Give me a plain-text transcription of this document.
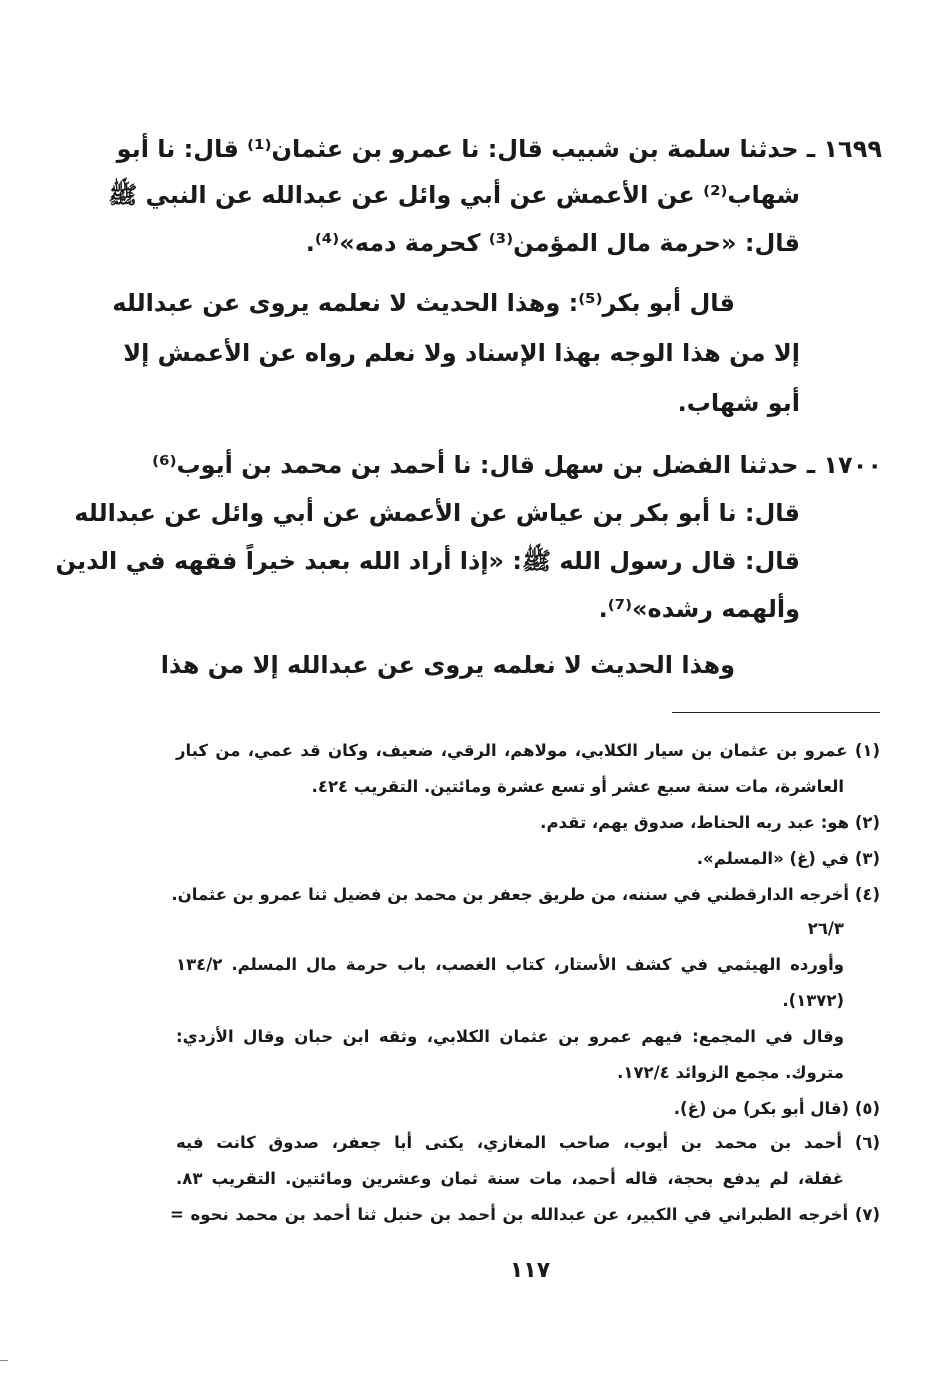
١٦٩٩ ـ حدثنا سلمة بن شبيب قال: نا عمرو بن عثمان⁽¹⁾ قال: نا أبو
شهاب⁽²⁾ عن الأعمش عن أبي وائل عن عبدالله عن النبي ﷺ
قال: «حرمة مال المؤمن⁽³⁾ كحرمة دمه»⁽⁴⁾.
قال أبو بكر⁽⁵⁾: وهذا الحديث لا نعلمه يروى عن عبدالله
إلا من هذا الوجه بهذا الإسناد ولا نعلم رواه عن الأعمش إلا
أبو شهاب.
١٧٠٠ ـ حدثنا الفضل بن سهل قال: نا أحمد بن محمد بن أيوب⁽⁶⁾
قال: نا أبو بكر بن عياش عن الأعمش عن أبي وائل عن عبدالله
قال: قال رسول الله ﷺ: «إذا أراد الله بعبد خيراً فقهه في الدين
وألهمه رشده»⁽⁷⁾.
وهذا الحديث لا نعلمه يروى عن عبدالله إلا من هذا
(١) عمرو بن عثمان بن سيار الكلابي، مولاهم، الرقي، ضعيف، وكان قد عمي، من كبار
العاشرة، مات سنة سبع عشر أو تسع عشرة ومائتين. التقريب ٤٢٤.
(٢) هو: عبد ربه الحناط، صدوق يهم، تقدم.
(٣) في (غ) «المسلم».
(٤) أخرجه الدارقطني في سننه، من طريق جعفر بن محمد بن فضيل ثنا عمرو بن عثمان.
٢٦/٣
وأورده الهيثمي في كشف الأستار، كتاب الغصب، باب حرمة مال المسلم. ١٣٤/٢
(١٣٧٢).
وقال في المجمع: فيهم عمرو بن عثمان الكلابي، وثقه ابن حبان وقال الأزدي:
متروك. مجمع الزوائد ١٧٢/٤.
(٥) (قال أبو بكر) من (غ).
(٦) أحمد بن محمد بن أيوب، صاحب المغازي، يكنى أبا جعفر، صدوق كانت فيه
غفلة، لم يدفع بحجة، قاله أحمد، مات سنة ثمان وعشرين ومائتين. التقريب ٨٣.
(٧) أخرجه الطبراني في الكبير، عن عبدالله بن أحمد بن حنبل ثنا أحمد بن محمد نحوه =
١١٧
